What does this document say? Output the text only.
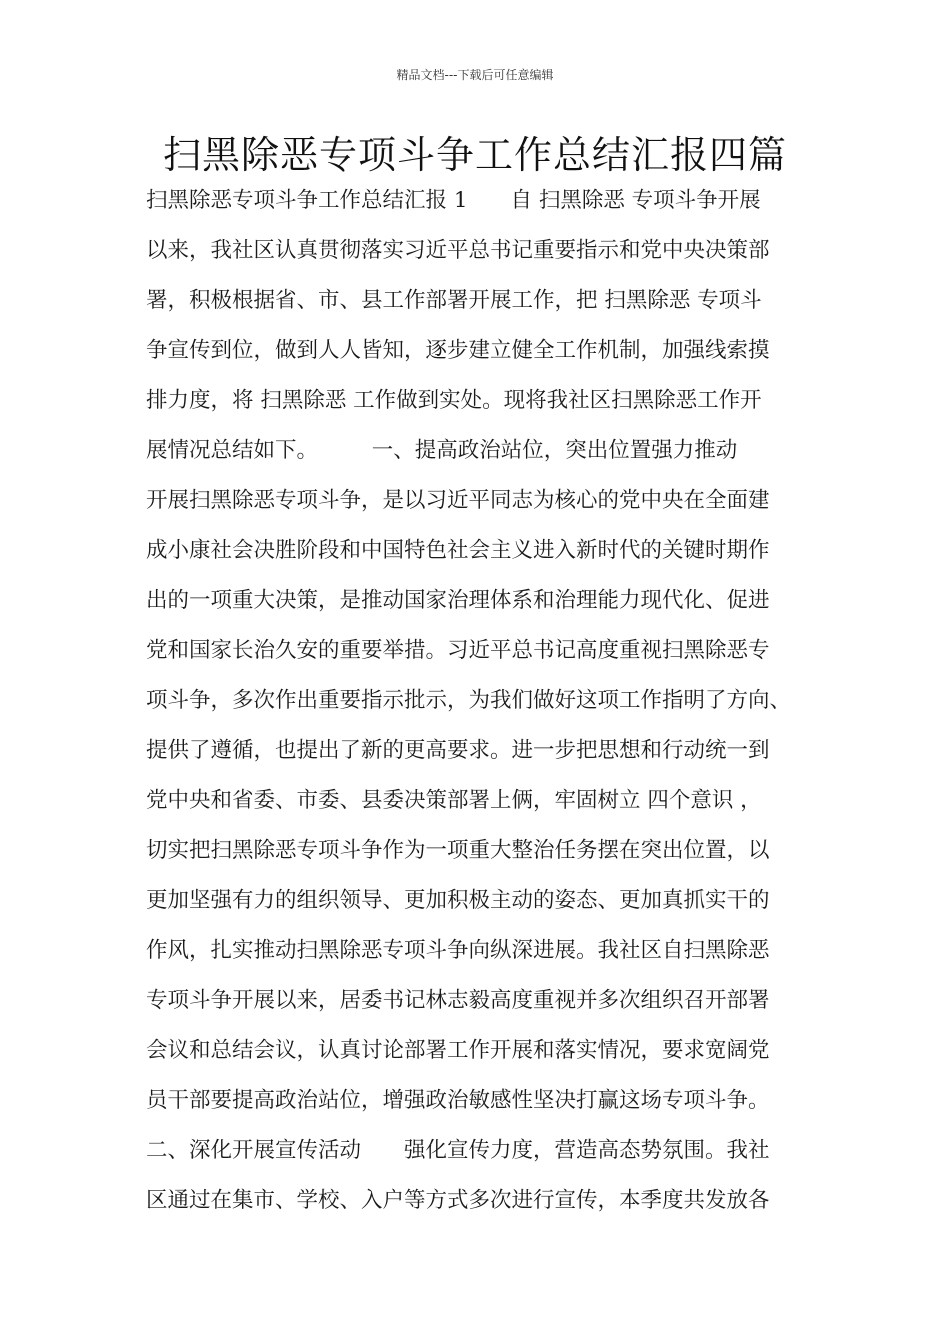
精品文档---下载后可任意编辑
扫黑除恶专项斗争工作总结汇报四篇
扫黑除恶专项斗争工作总结汇报 1　　自 扫黑除恶 专项斗争开展
以来，我社区认真贯彻落实习近平总书记重要指示和党中央决策部
署，积极根据省、市、县工作部署开展工作，把 扫黑除恶 专项斗
争宣传到位，做到人人皆知，逐步建立健全工作机制，加强线索摸
排力度，将 扫黑除恶 工作做到实处。现将我社区扫黑除恶工作开
展情况总结如下。　　　一、提高政治站位，突出位置强力推动
开展扫黑除恶专项斗争，是以习近平同志为核心的党中央在全面建
成小康社会决胜阶段和中国特色社会主义进入新时代的关键时期作
出的一项重大决策，是推动国家治理体系和治理能力现代化、促进
党和国家长治久安的重要举措。习近平总书记高度重视扫黑除恶专
项斗争，多次作出重要指示批示，为我们做好这项工作指明了方向、
提供了遵循，也提出了新的更高要求。进一步把思想和行动统一到
党中央和省委、市委、县委决策部署上俩，牢固树立 四个意识 ，
切实把扫黑除恶专项斗争作为一项重大整治任务摆在突出位置，以
更加坚强有力的组织领导、更加积极主动的姿态、更加真抓实干的
作风，扎实推动扫黑除恶专项斗争向纵深进展。我社区自扫黑除恶
专项斗争开展以来，居委书记林志毅高度重视并多次组织召开部署
会议和总结会议，认真讨论部署工作开展和落实情况，要求宽阔党
员干部要提高政治站位，增强政治敏感性坚决打赢这场专项斗争。
二、深化开展宣传活动　　强化宣传力度，营造高态势氛围。我社
区通过在集市、学校、入户等方式多次进行宣传，本季度共发放各
